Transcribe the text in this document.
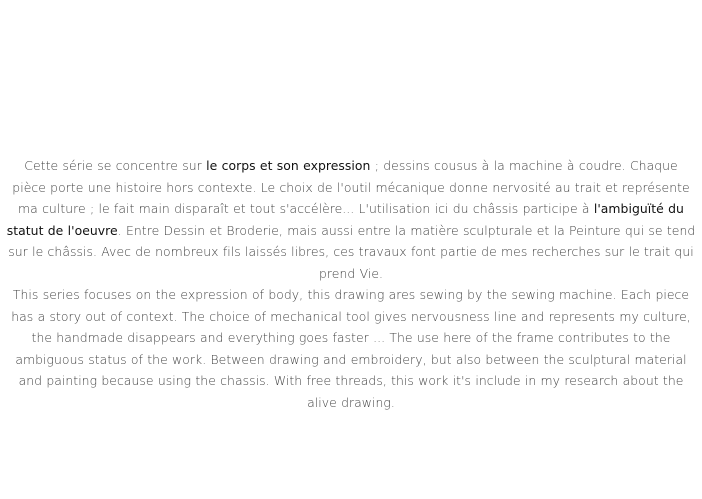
Cette série se concentre sur le corps et son expression ; dessins cousus à la machine à coudre. Chaque pièce porte une histoire hors contexte. Le choix de l'outil mécanique donne nervosité au trait et représente ma culture ; le fait main disparaît et tout s'accélère... L'utilisation ici du châssis participe à l'ambiguïté du statut de l'oeuvre. Entre Dessin et Broderie, mais aussi entre la matière sculpturale et la Peinture qui se tend sur le châssis. Avec de nombreux fils laissés libres, ces travaux font partie de mes recherches sur le trait qui prend Vie.

This series focuses on the expression of body, this drawing ares sewing by the sewing machine. Each piece has a story out of context. The choice of mechanical tool gives nervousness line and represents my culture, the handmade disappears and everything goes faster ... The use here of the frame contributes to the ambiguous status of the work. Between drawing and embroidery, but also between the sculptural material and painting because using the chassis. With free threads, this work it's include in my research about the alive drawing.
